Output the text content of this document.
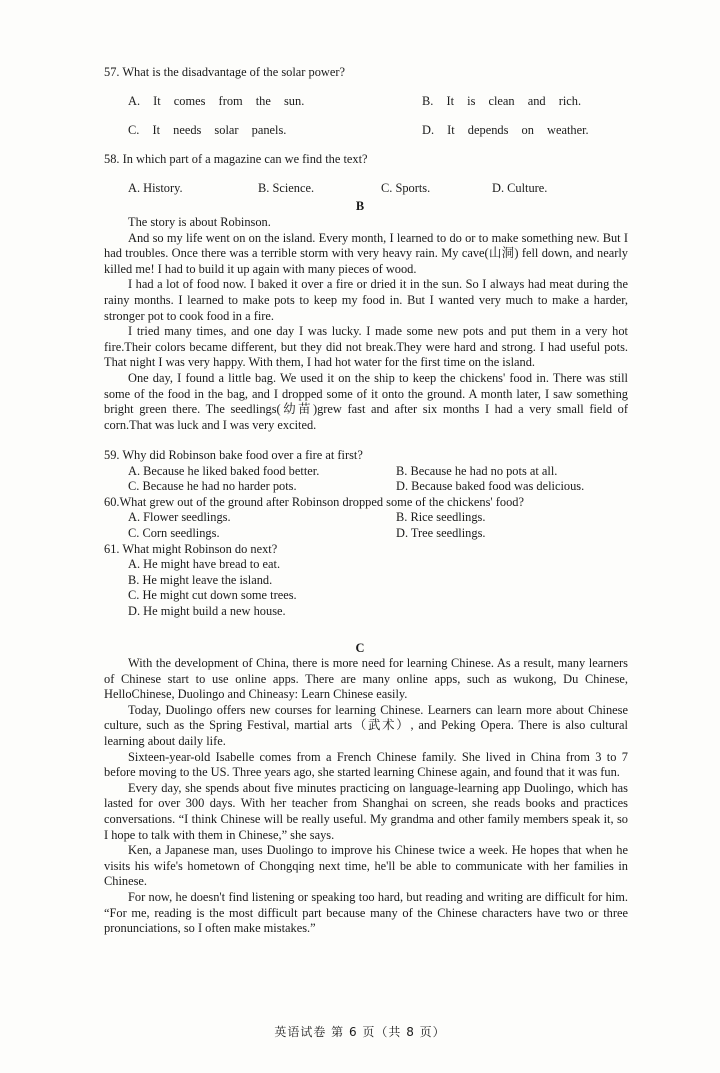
57. What is the disadvantage of the solar power?
A. It comes from the sun.	B. It is clean and rich.
C. It needs solar panels.	D. It depends on weather.
58. In which part of a magazine can we find the text?
A. History.	B. Science.	C. Sports.	D. Culture.
B

The story is about Robinson.

And so my life went on on the island. Every month, I learned to do or to make something new. But I had troubles. Once there was a terrible storm with very heavy rain. My cave(山洞) fell down, and nearly killed me! I had to build it up again with many pieces of wood.

I had a lot of food now. I baked it over a fire or dried it in the sun. So I always had meat during the rainy months. I learned to make pots to keep my food in. But I wanted very much to make a harder, stronger pot to cook food in a fire.

I tried many times, and one day I was lucky. I made some new pots and put them in a very hot fire.Their colors became different, but they did not break.They were hard and strong. I had useful pots. That night I was very happy. With them, I had hot water for the first time on the island.

One day, I found a little bag. We used it on the ship to keep the chickens' food in. There was still some of the food in the bag, and I dropped some of it onto the ground. A month later, I saw something bright green there. The seedlings(幼苗)grew fast and after six months I had a very small field of corn.That was luck and I was very excited.

59. Why did Robinson bake food over a fire at first?
A. Because he liked baked food better.	B. Because he had no pots at all.
C. Because he had no harder pots.	D. Because baked food was delicious.
60.What grew out of the ground after Robinson dropped some of the chickens' food?
A. Flower seedlings.	B. Rice seedlings.
C. Corn seedlings.	D. Tree seedlings.
61. What might Robinson do next?
A. He might have bread to eat.
B. He might leave the island.
C. He might cut down some trees.
D. He might build a new house.
C

With the development of China, there is more need for learning Chinese. As a result, many learners of Chinese start to use online apps. There are many online apps, such as wukong, Du Chinese, HelloChinese, Duolingo and Chineasy: Learn Chinese easily.

Today, Duolingo offers new courses for learning Chinese. Learners can learn more about Chinese culture, such as the Spring Festival, martial arts（武术）, and Peking Opera. There is also cultural learning about daily life.

Sixteen-year-old Isabelle comes from a French Chinese family. She lived in China from 3 to 7 before moving to the US. Three years ago, she started learning Chinese again, and found that it was fun.

Every day, she spends about five minutes practicing on language-learning app Duolingo, which has lasted for over 300 days. With her teacher from Shanghai on screen, she reads books and practices conversations. “I think Chinese will be really useful. My grandma and other family members speak it, so I hope to talk with them in Chinese,” she says.

Ken, a Japanese man, uses Duolingo to improve his Chinese twice a week. He hopes that when he visits his wife's hometown of Chongqing next time, he'll be able to communicate with her families in Chinese.

For now, he doesn't find listening or speaking too hard, but reading and writing are difficult for him. “For me, reading is the most difficult part because many of the Chinese characters have two or three pronunciations, so I often make mistakes.”

英语试卷 第 6 页（共 8 页）
